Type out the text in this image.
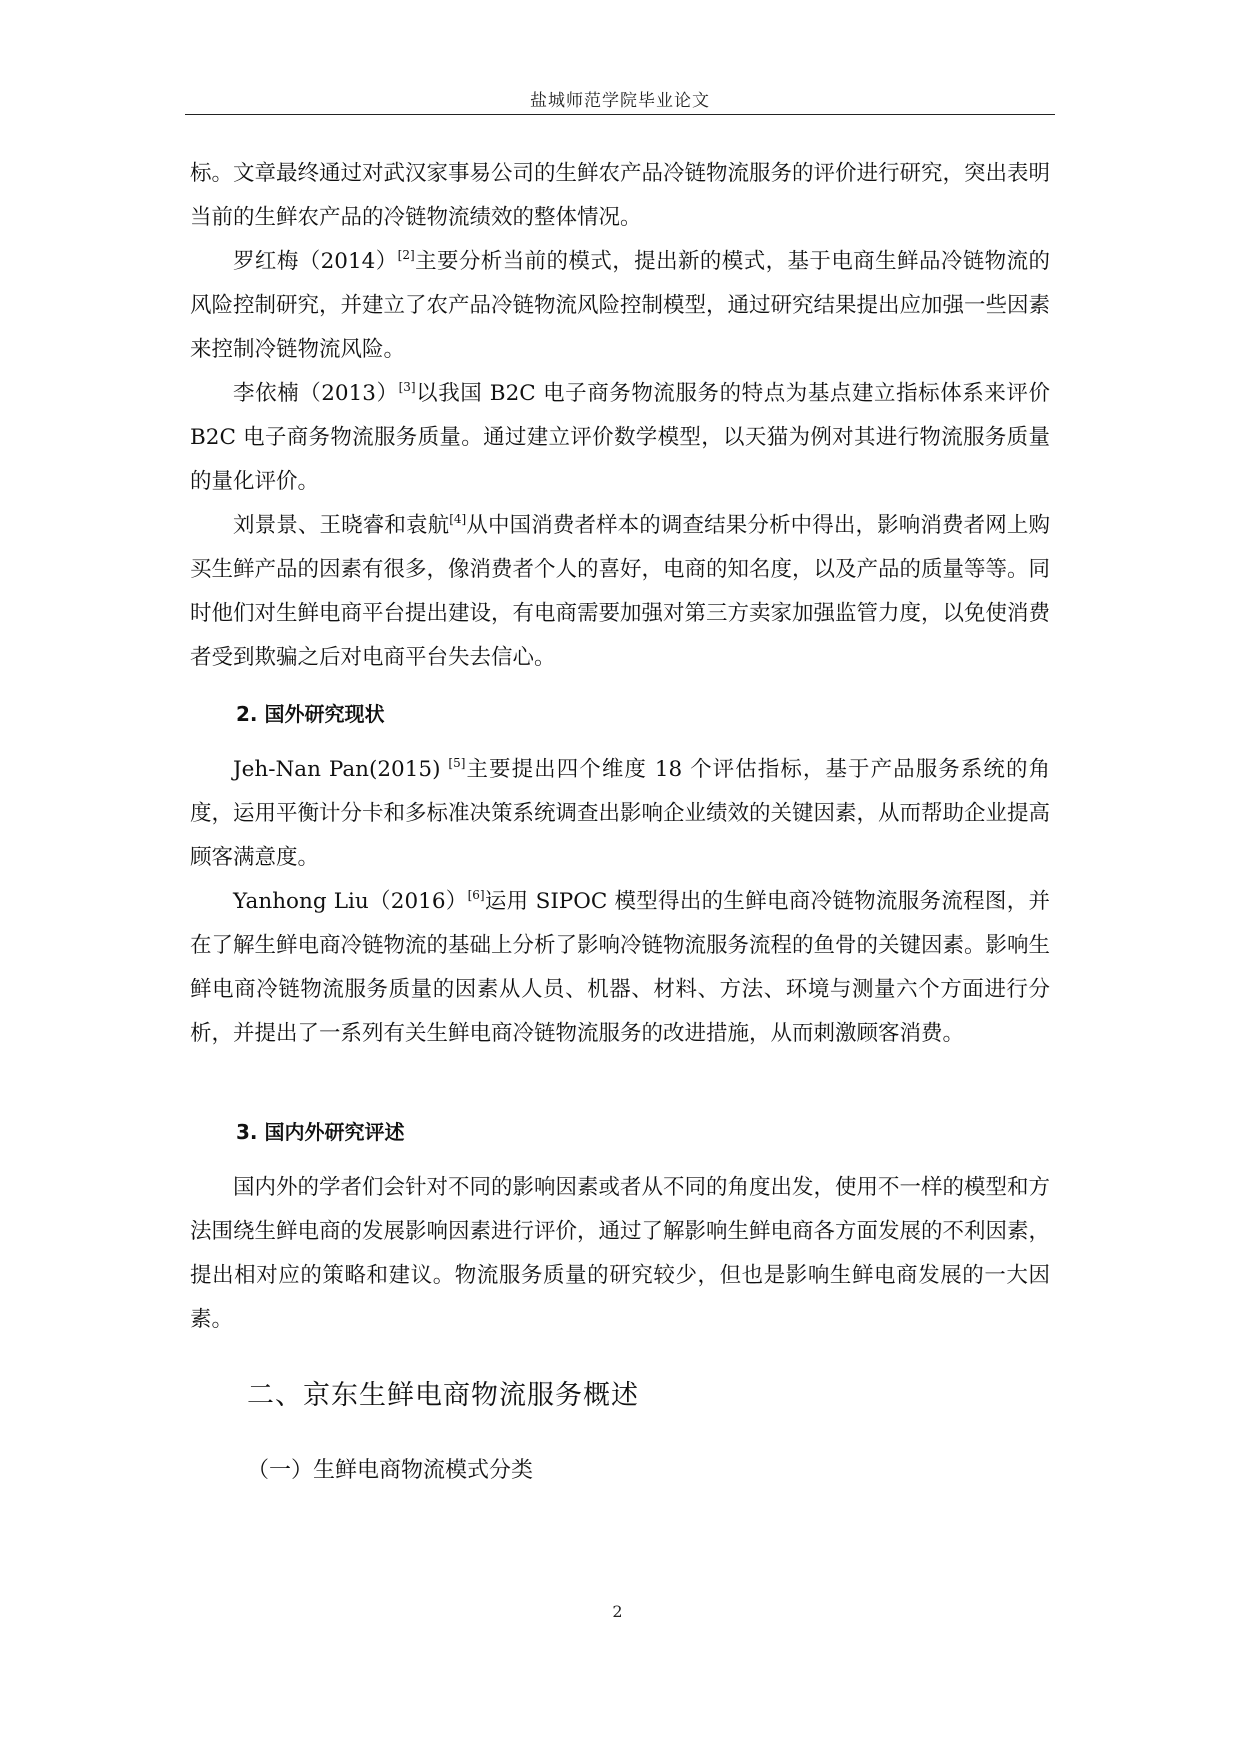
盐城师范学院毕业论文

标。文章最终通过对武汉家事易公司的生鲜农产品冷链物流服务的评价进行研究，突出表明当前的生鲜农产品的冷链物流绩效的整体情况。

罗红梅（2014）[2]主要分析当前的模式，提出新的模式，基于电商生鲜品冷链物流的风险控制研究，并建立了农产品冷链物流风险控制模型，通过研究结果提出应加强一些因素来控制冷链物流风险。

李依楠（2013）[3]以我国 B2C 电子商务物流服务的特点为基点建立指标体系来评价 B2C 电子商务物流服务质量。通过建立评价数学模型，以天猫为例对其进行物流服务质量的量化评价。

刘景景、王晓睿和袁航[4]从中国消费者样本的调查结果分析中得出，影响消费者网上购买生鲜产品的因素有很多，像消费者个人的喜好，电商的知名度，以及产品的质量等等。同时他们对生鲜电商平台提出建设，有电商需要加强对第三方卖家加强监管力度，以免使消费者受到欺骗之后对电商平台失去信心。

2. 国外研究现状

Jeh-Nan Pan(2015) [5]主要提出四个维度 18 个评估指标，基于产品服务系统的角度，运用平衡计分卡和多标准决策系统调查出影响企业绩效的关键因素，从而帮助企业提高顾客满意度。

Yanhong Liu（2016）[6]运用 SIPOC 模型得出的生鲜电商冷链物流服务流程图，并在了解生鲜电商冷链物流的基础上分析了影响冷链物流服务流程的鱼骨的关键因素。影响生鲜电商冷链物流服务质量的因素从人员、机器、材料、方法、环境与测量六个方面进行分析，并提出了一系列有关生鲜电商冷链物流服务的改进措施，从而刺激顾客消费。

3. 国内外研究评述

国内外的学者们会针对不同的影响因素或者从不同的角度出发，使用不一样的模型和方法围绕生鲜电商的发展影响因素进行评价，通过了解影响生鲜电商各方面发展的不利因素，提出相对应的策略和建议。物流服务质量的研究较少，但也是影响生鲜电商发展的一大因素。

二、京东生鲜电商物流服务概述

（一）生鲜电商物流模式分类

2
